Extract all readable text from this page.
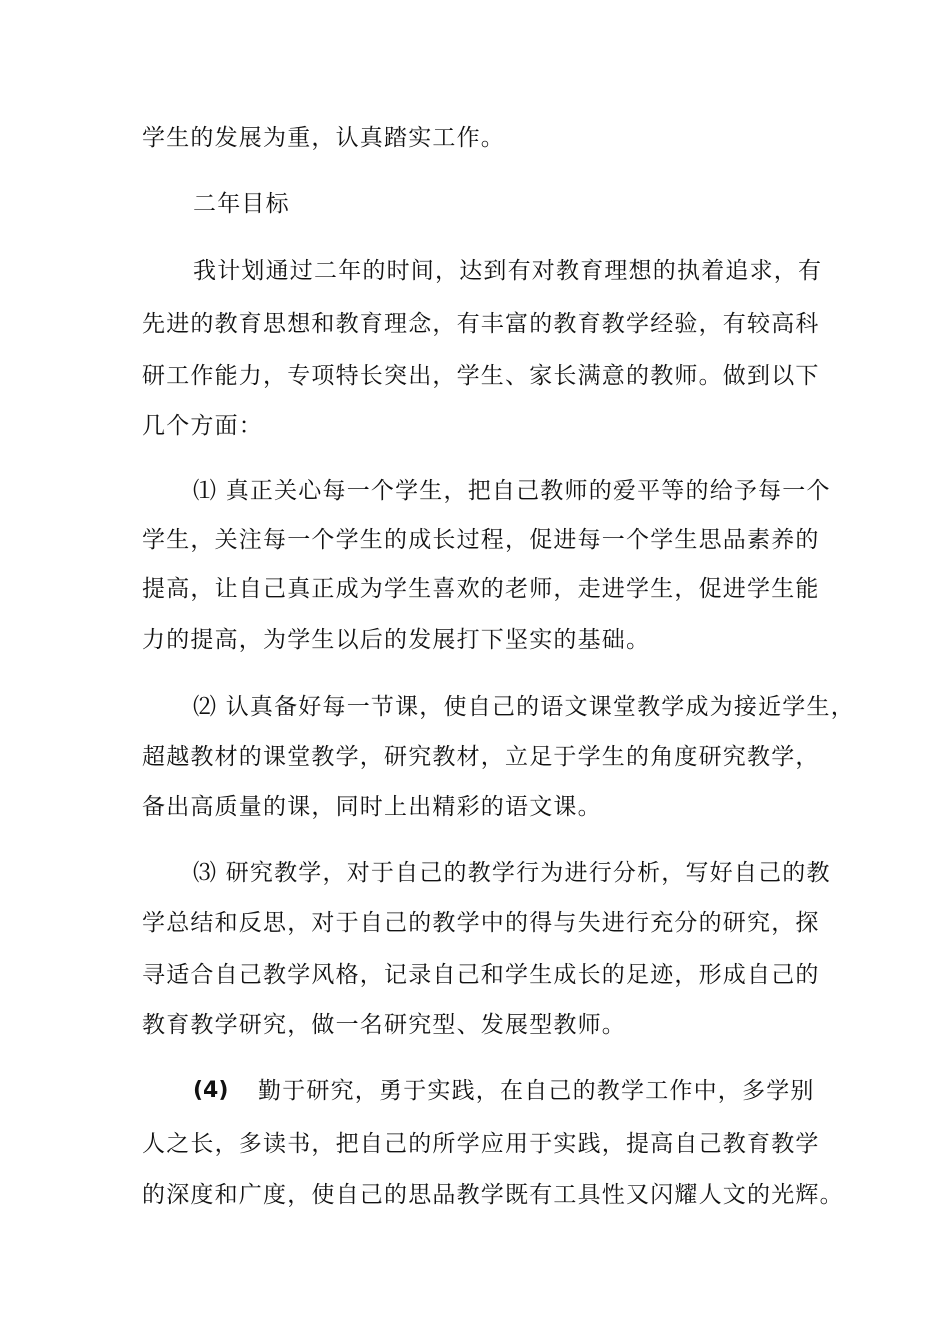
学生的发展为重，认真踏实工作。
二年目标
我计划通过二年的时间，达到有对教育理想的执着追求，有
先进的教育思想和教育理念，有丰富的教育教学经验，有较高科
研工作能力，专项特长突出，学生、家长满意的教师。做到以下
几个方面：
⑴ 真正关心每一个学生，把自己教师的爱平等的给予每一个
学生，关注每一个学生的成长过程，促进每一个学生思品素养的
提高，让自己真正成为学生喜欢的老师，走进学生，促进学生能
力的提高，为学生以后的发展打下坚实的基础。
⑵ 认真备好每一节课，使自己的语文课堂教学成为接近学生，
超越教材的课堂教学，研究教材，立足于学生的角度研究教学，
备出高质量的课，同时上出精彩的语文课。
⑶ 研究教学，对于自己的教学行为进行分析，写好自己的教
学总结和反思，对于自己的教学中的得与失进行充分的研究，探
寻适合自己教学风格，记录自己和学生成长的足迹，形成自己的
教育教学研究，做一名研究型、发展型教师。
(4) 勤于研究，勇于实践，在自己的教学工作中，多学别
人之长，多读书，把自己的所学应用于实践，提高自己教育教学
的深度和广度，使自己的思品教学既有工具性又闪耀人文的光辉。
